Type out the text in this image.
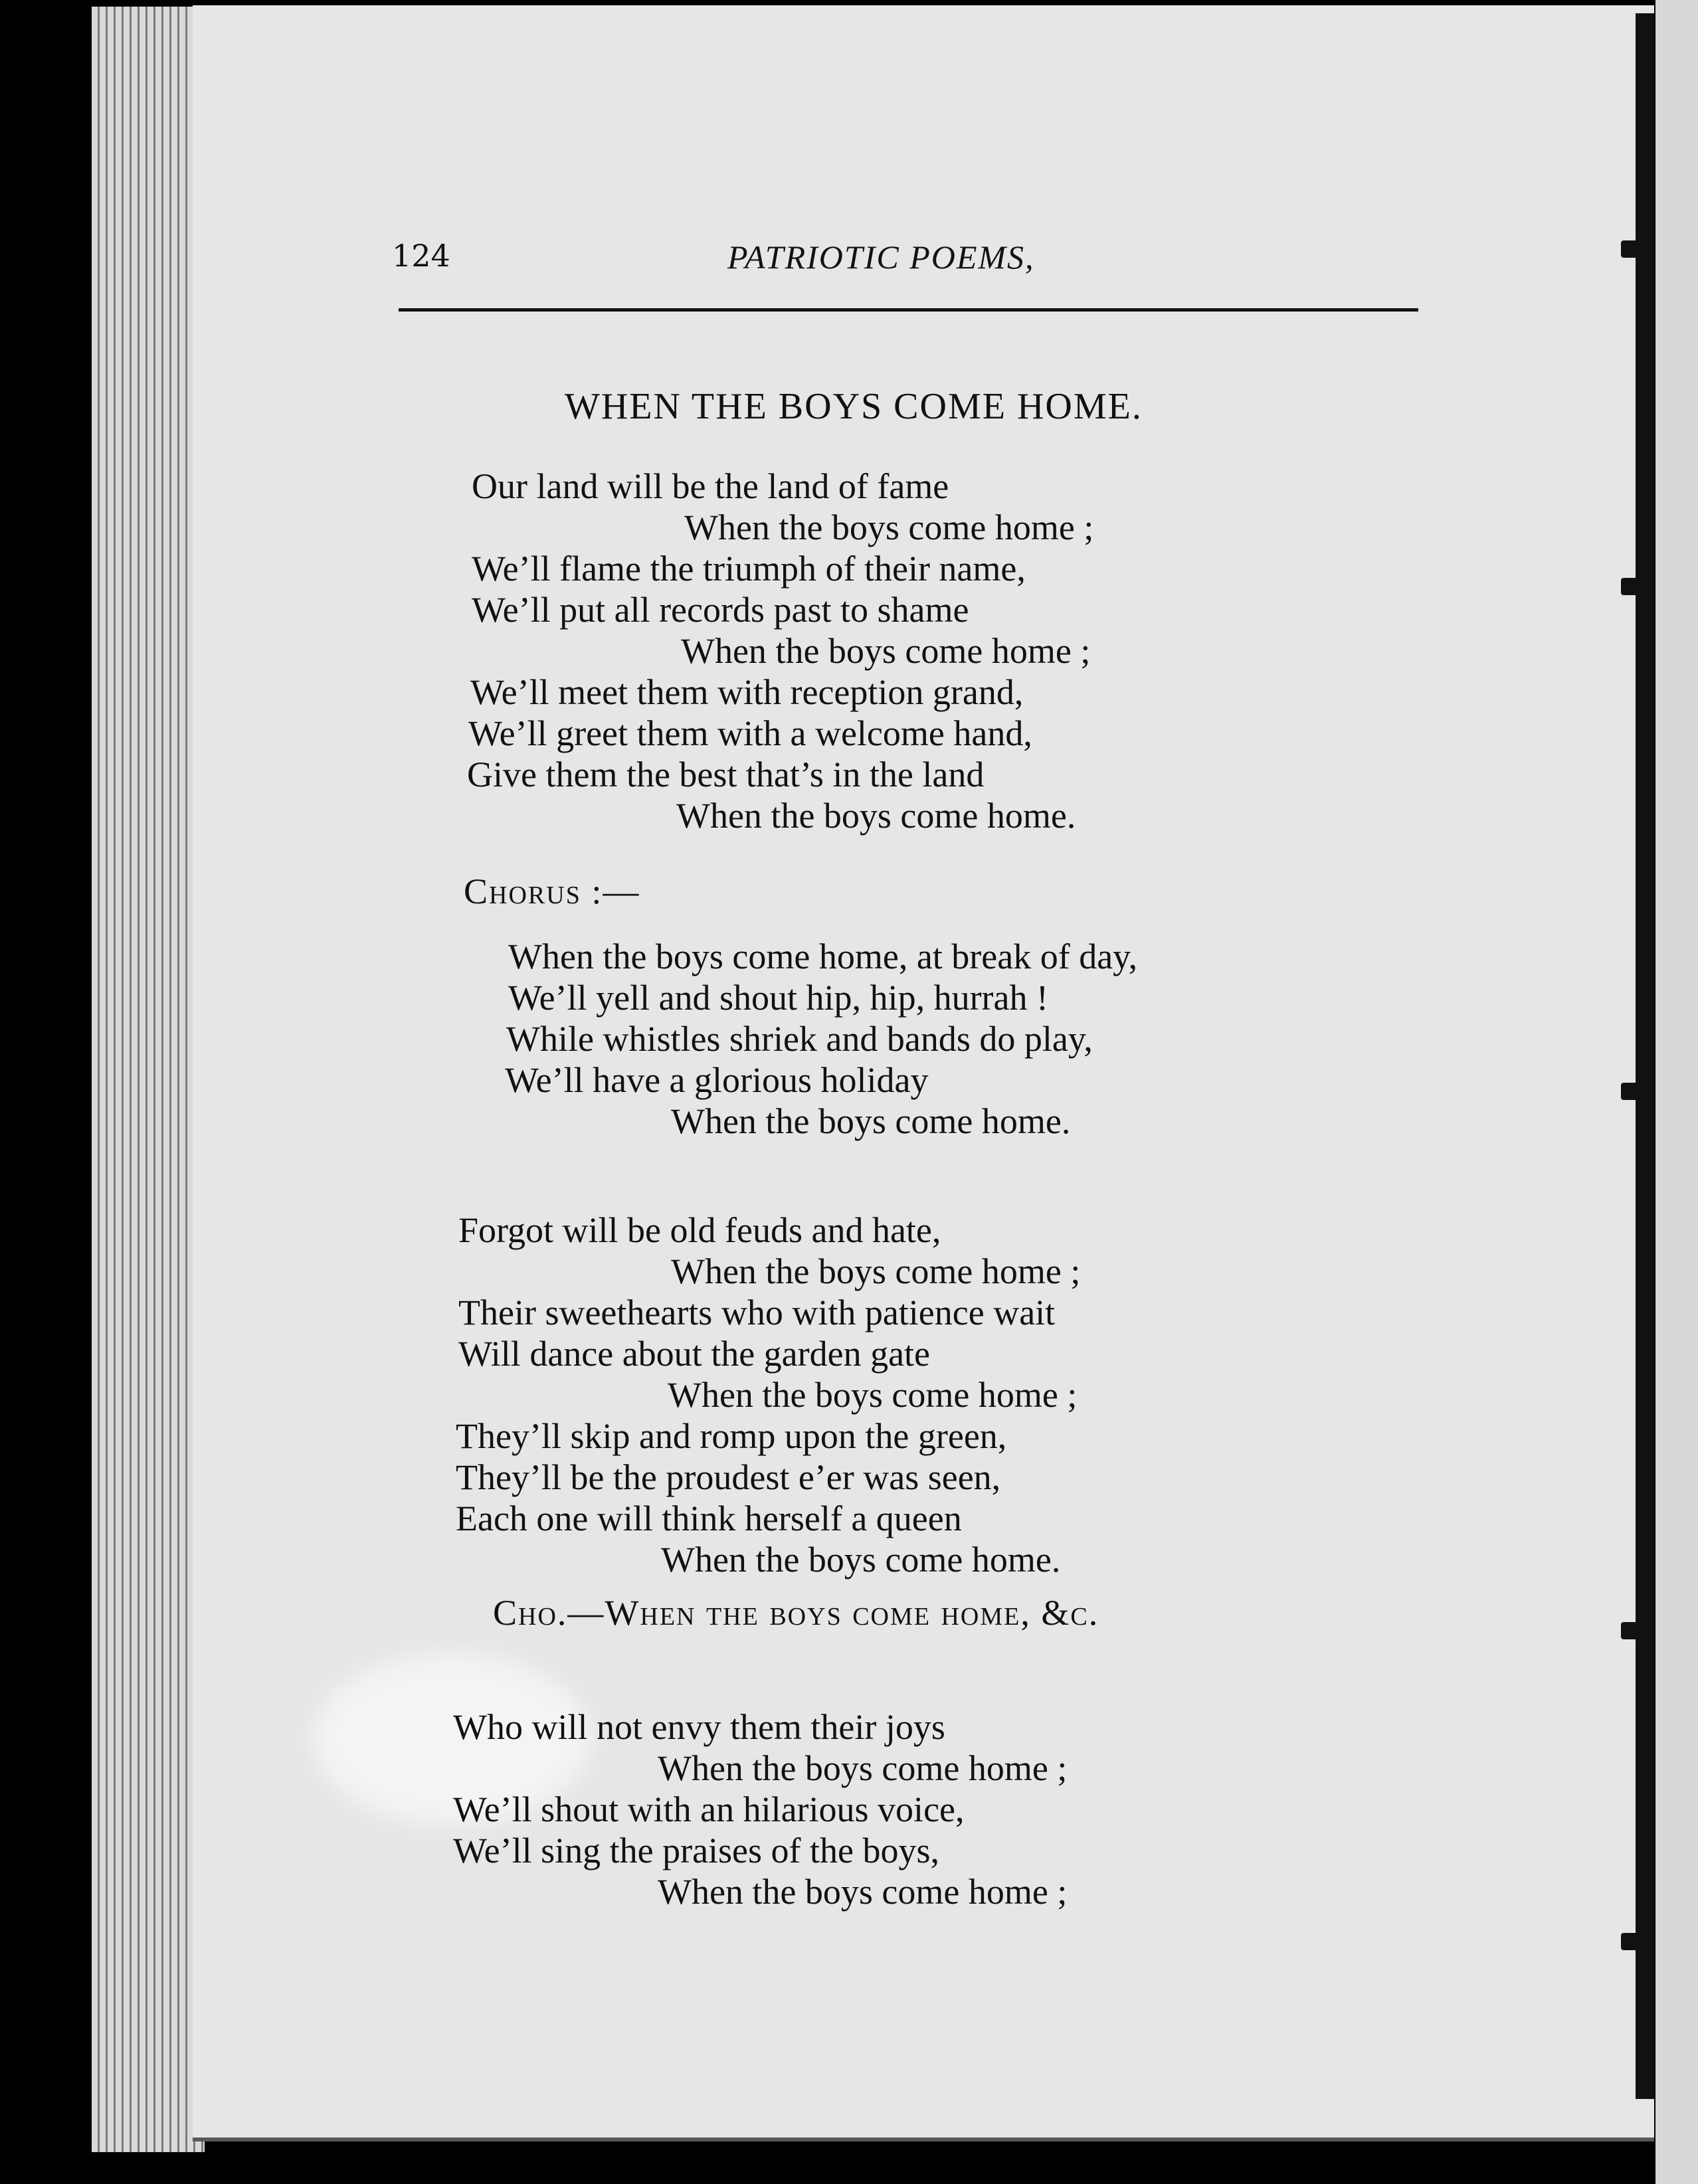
124	PATRIOTIC POEMS,
WHEN THE BOYS COME HOME.
Our land will be the land of fame
When the boys come home ;
We’ll flame the triumph of their name,
We’ll put all records past to shame
When the boys come home ;
We’ll meet them with reception grand,
We’ll greet them with a welcome hand,
Give them the best that’s in the land
When the boys come home.
Chorus :—
When the boys come home, at break of day,
We’ll yell and shout hip, hip, hurrah !
While whistles shriek and bands do play,
We’ll have a glorious holiday
When the boys come home.
Forgot will be old feuds and hate,
When the boys come home ;
Their sweethearts who with patience wait
Will dance about the garden gate
When the boys come home ;
They’ll skip and romp upon the green,
They’ll be the proudest e’er was seen,
Each one will think herself a queen
When the boys come home.
Cho.—When the boys come home, &c.
Who will not envy them their joys
When the boys come home ;
We’ll shout with an hilarious voice,
We’ll sing the praises of the boys,
When the boys come home ;
